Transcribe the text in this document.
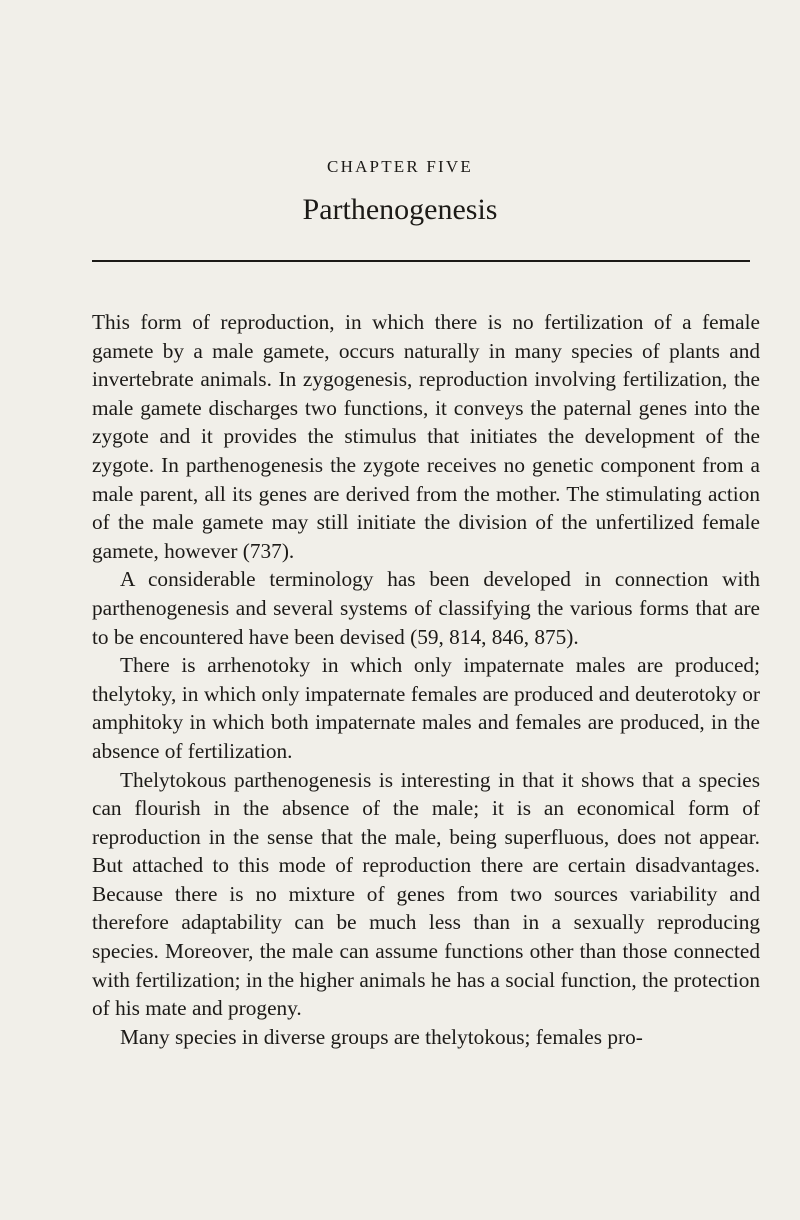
CHAPTER FIVE
Parthenogenesis

This form of reproduction, in which there is no fertilization of a female gamete by a male gamete, occurs naturally in many species of plants and invertebrate animals. In zygogenesis, reproduction involving fertilization, the male gamete discharges two functions, it conveys the paternal genes into the zygote and it provides the stimulus that initiates the development of the zygote. In parthenogenesis the zygote receives no genetic component from a male parent, all its genes are derived from the mother. The stimulating action of the male gamete may still initiate the division of the unfertilized female gamete, however (737).

A considerable terminology has been developed in connection with parthenogenesis and several systems of classifying the various forms that are to be encountered have been devised (59, 814, 846, 875).

There is arrhenotoky in which only impaternate males are produced; thelytoky, in which only impaternate females are produced and deuterotoky or amphitoky in which both impaternate males and females are produced, in the absence of fertilization.

Thelytokous parthenogenesis is interesting in that it shows that a species can flourish in the absence of the male; it is an economical form of reproduction in the sense that the male, being superfluous, does not appear. But attached to this mode of reproduction there are certain disadvantages. Because there is no mixture of genes from two sources variability and therefore adaptability can be much less than in a sexually reproducing species. Moreover, the male can assume functions other than those connected with fertilization; in the higher animals he has a social function, the protection of his mate and progeny.

Many species in diverse groups are thelytokous; females pro-
